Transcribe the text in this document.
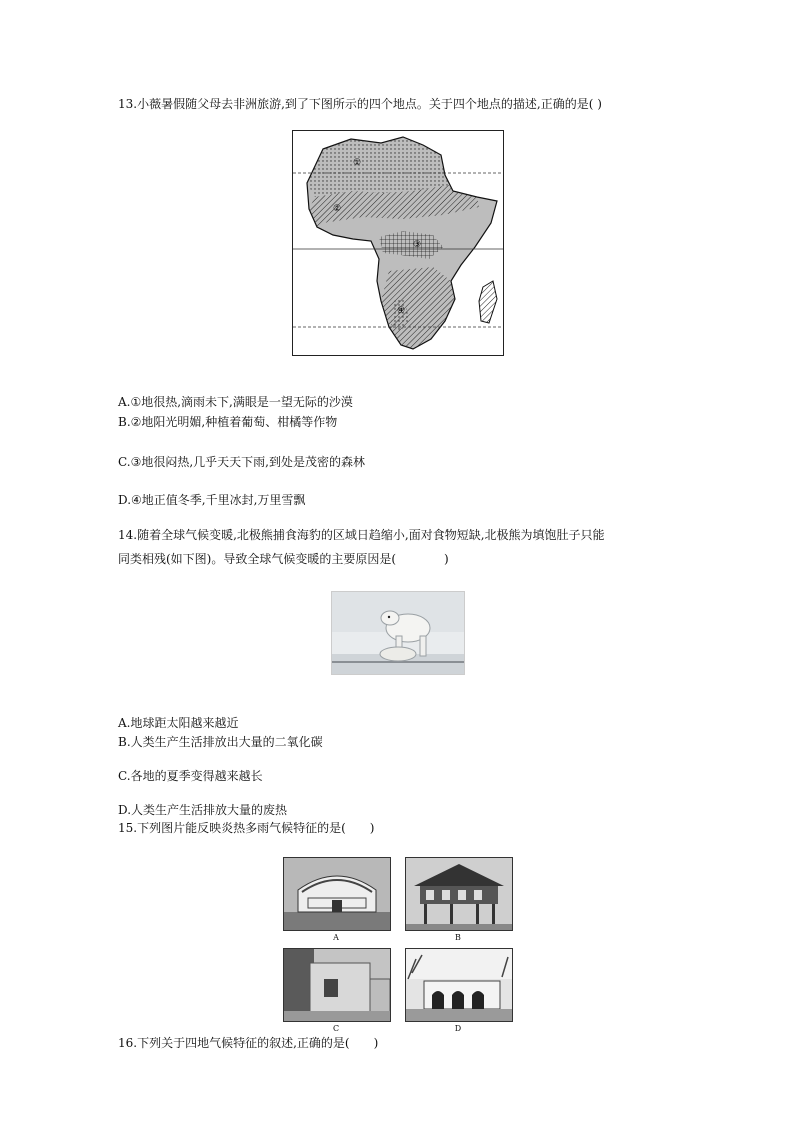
13.小薇暑假随父母去非洲旅游,到了下图所示的四个地点。关于四个地点的描述,正确的是( )
①
②
③
④
A.①地很热,滴雨未下,满眼是一望无际的沙漠
B.②地阳光明媚,种植着葡萄、柑橘等作物
C.③地很闷热,几乎天天下雨,到处是茂密的森林
D.④地正值冬季,千里冰封,万里雪飘
14.随着全球气候变暖,北极熊捕食海豹的区域日趋缩小,面对食物短缺,北极熊为填饱肚子只能
同类相残(如下图)。导致全球气候变暖的主要原因是(　　　　)
A.地球距太阳越来越近
B.人类生产生活排放出大量的二氧化碳
C.各地的夏季变得越来越长
D.人类生产生活排放大量的废热
15.下列图片能反映炎热多雨气候特征的是(　　)
A	B
C	D
16.下列关于四地气候特征的叙述,正确的是(　　)
